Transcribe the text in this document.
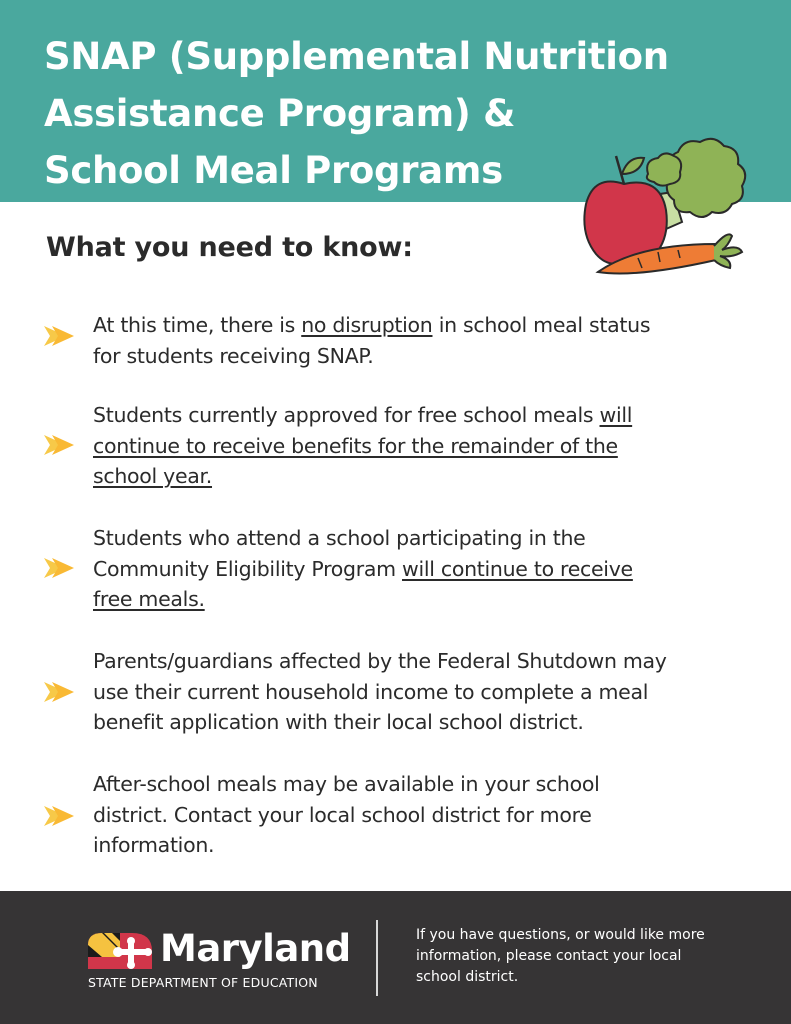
SNAP (Supplemental Nutrition
Assistance Program) &
School Meal Programs
What you need to know:
At this time, there is no disruption in school meal status
for students receiving SNAP.
Students currently approved for free school meals will
continue to receive benefits for the remainder of the
school year.
Students who attend a school participating in the
Community Eligibility Program will continue to receive
free meals.
Parents/guardians affected by the Federal Shutdown may
use their current household income to complete a meal
benefit application with their local school district.
After-school meals may be available in your school
district. Contact your local school district for more
information.
Maryland
STATE DEPARTMENT OF EDUCATION
If you have questions, or would like more
information, please contact your local
school district.
